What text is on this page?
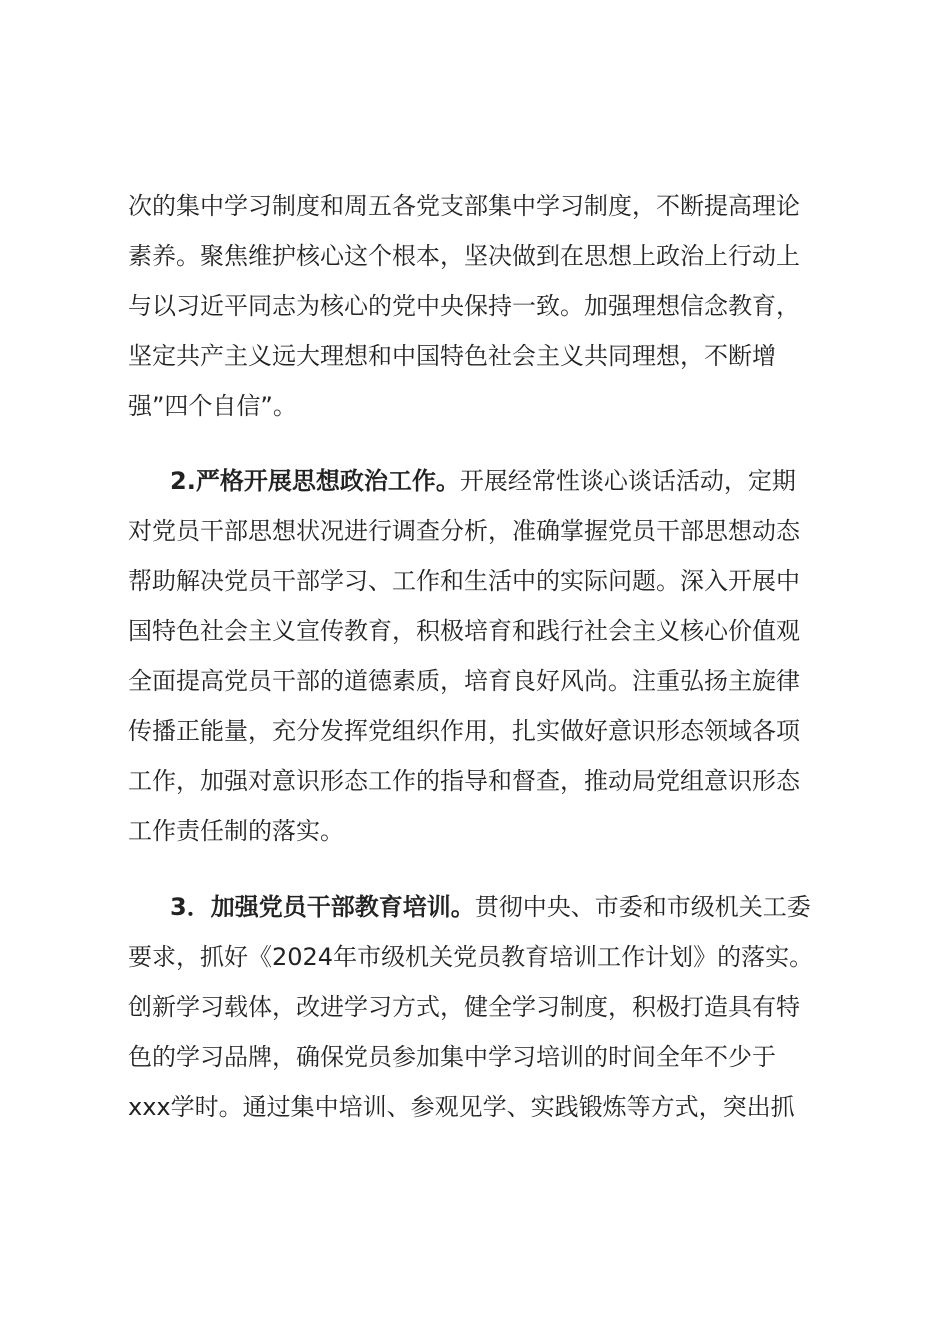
次的集中学习制度和周五各党支部集中学习制度，不断提高理论
素养。聚焦维护核心这个根本，坚决做到在思想上政治上行动上
与以习近平同志为核心的党中央保持一致。加强理想信念教育，
坚定共产主义远大理想和中国特色社会主义共同理想，不断增
强”四个自信”。
2.严格开展思想政治工作。开展经常性谈心谈话活动，定期
对党员干部思想状况进行调查分析，准确掌握党员干部思想动态
帮助解决党员干部学习、工作和生活中的实际问题。深入开展中
国特色社会主义宣传教育，积极培育和践行社会主义核心价值观
全面提高党员干部的道德素质，培育良好风尚。注重弘扬主旋律
传播正能量，充分发挥党组织作用，扎实做好意识形态领域各项
工作，加强对意识形态工作的指导和督查，推动局党组意识形态
工作责任制的落实。
3．加强党员干部教育培训。贯彻中央、市委和市级机关工委
要求，抓好《2024年市级机关党员教育培训工作计划》的落实。
创新学习载体，改进学习方式，健全学习制度，积极打造具有特
色的学习品牌，确保党员参加集中学习培训的时间全年不少于
xxx学时。通过集中培训、参观见学、实践锻炼等方式，突出抓
